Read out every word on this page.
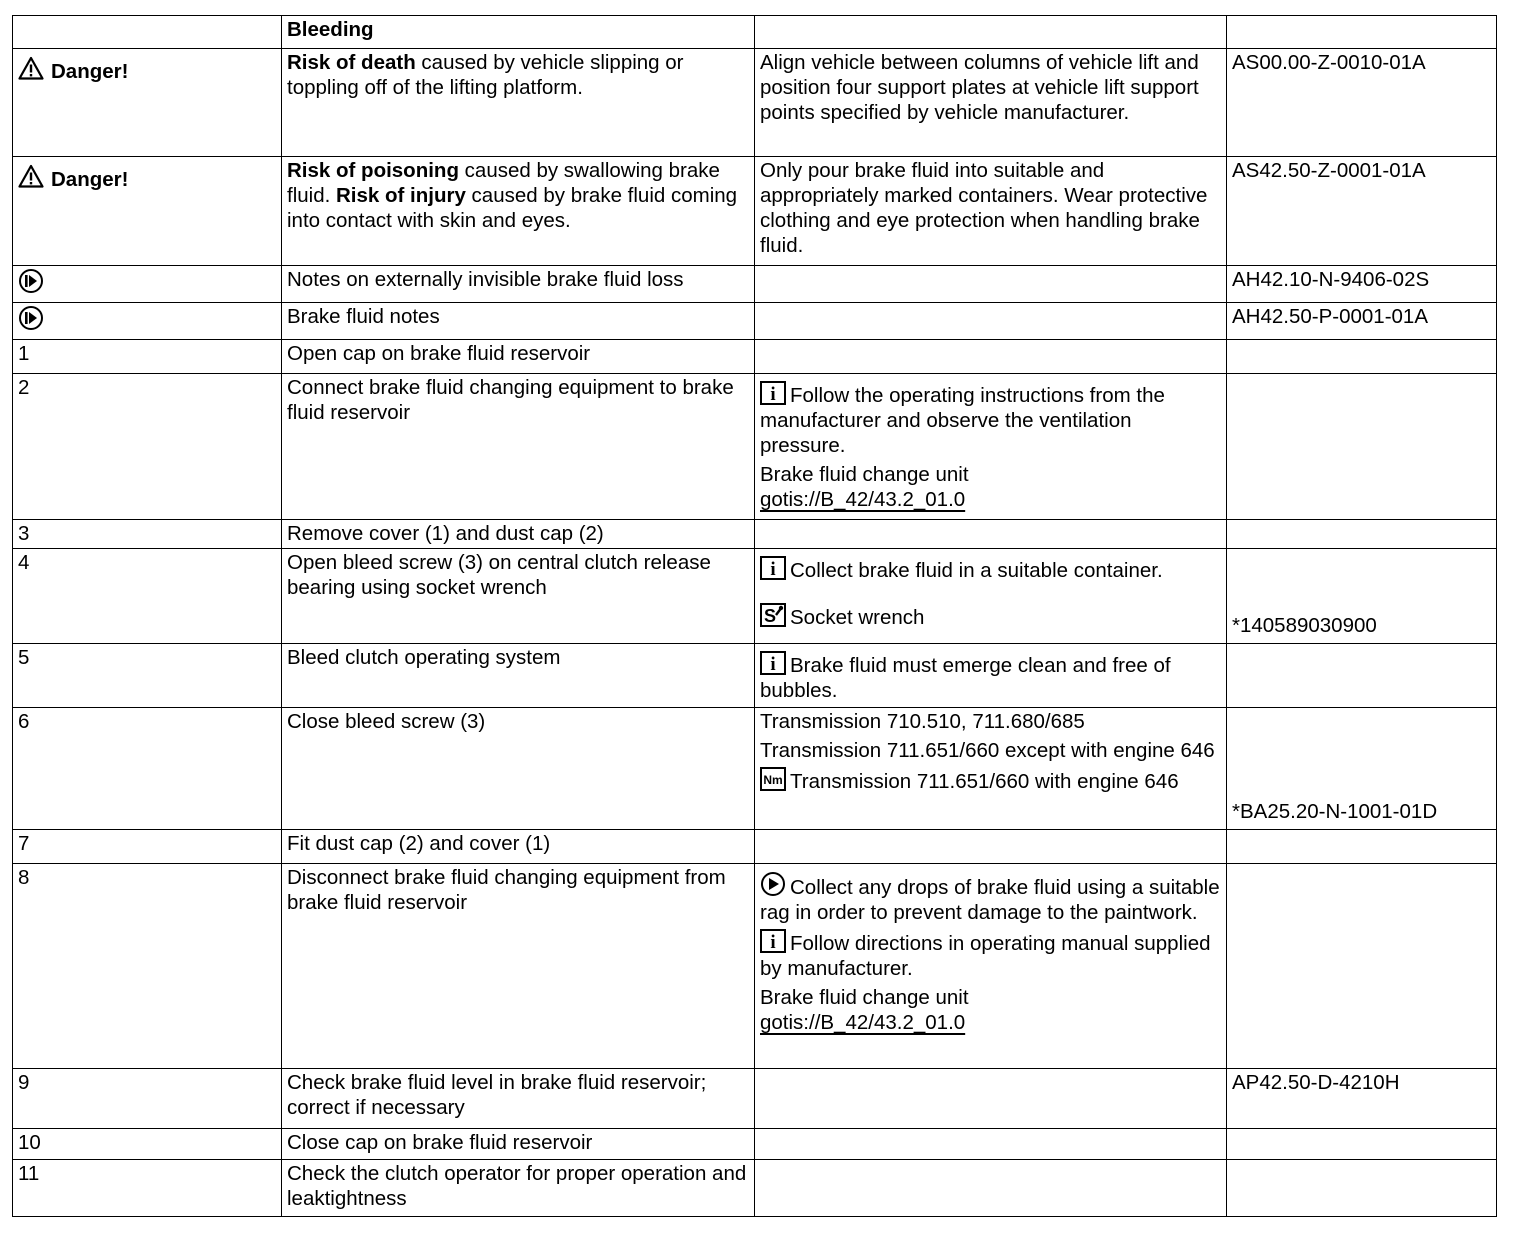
	Bleeding		

Danger!	Risk of death caused by vehicle slipping or toppling off of the lifting platform.	Align vehicle between columns of vehicle lift and position four support plates at vehicle lift support points specified by vehicle manufacturer.	AS00.00-Z-0010-01A

Danger!	Risk of poisoning caused by swallowing brake fluid. Risk of injury caused by brake fluid coming into contact with skin and eyes.	Only pour brake fluid into suitable and appropriately marked containers. Wear protective clothing and eye protection when handling brake fluid.	AS42.50-Z-0001-01A
	Notes on externally invisible brake fluid loss		AH42.10-N-9406-02S
	Brake fluid notes		AH42.50-P-0001-01A
1	Open cap on brake fluid reservoir		
2	Connect brake fluid changing equipment to brake fluid reservoir	i Follow the operating instructions from the manufacturer and observe the ventilation pressure.

Brake fluid change unit
gotis://B_42/43.2_01.0	

3	Remove cover (1) and dust cap (2)		
4	Open bleed screw (3) on central clutch release bearing using socket wrench	i Collect brake fluid in a suitable container.

S Socket wrench	*140589030900
5	Bleed clutch operating system	i Brake fluid must emerge clean and free of bubbles.	

6	Close bleed screw (3)	Transmission 710.510, 711.680/685

Transmission 711.651/660 except with engine 646

Nm Transmission 711.651/660 with engine 646	*BA25.20-N-1001-01D
7	Fit dust cap (2) and cover (1)		
8	Disconnect brake fluid changing equipment from brake fluid reservoir	Collect any drops of brake fluid using a suitable rag in order to prevent damage to the paintwork.

i Follow directions in operating manual supplied by manufacturer.

Brake fluid change unit
gotis://B_42/43.2_01.0	

9	Check brake fluid level in brake fluid reservoir; correct if necessary		AP42.50-D-4210H
10	Close cap on brake fluid reservoir		
11	Check the clutch operator for proper operation and leaktightness		
